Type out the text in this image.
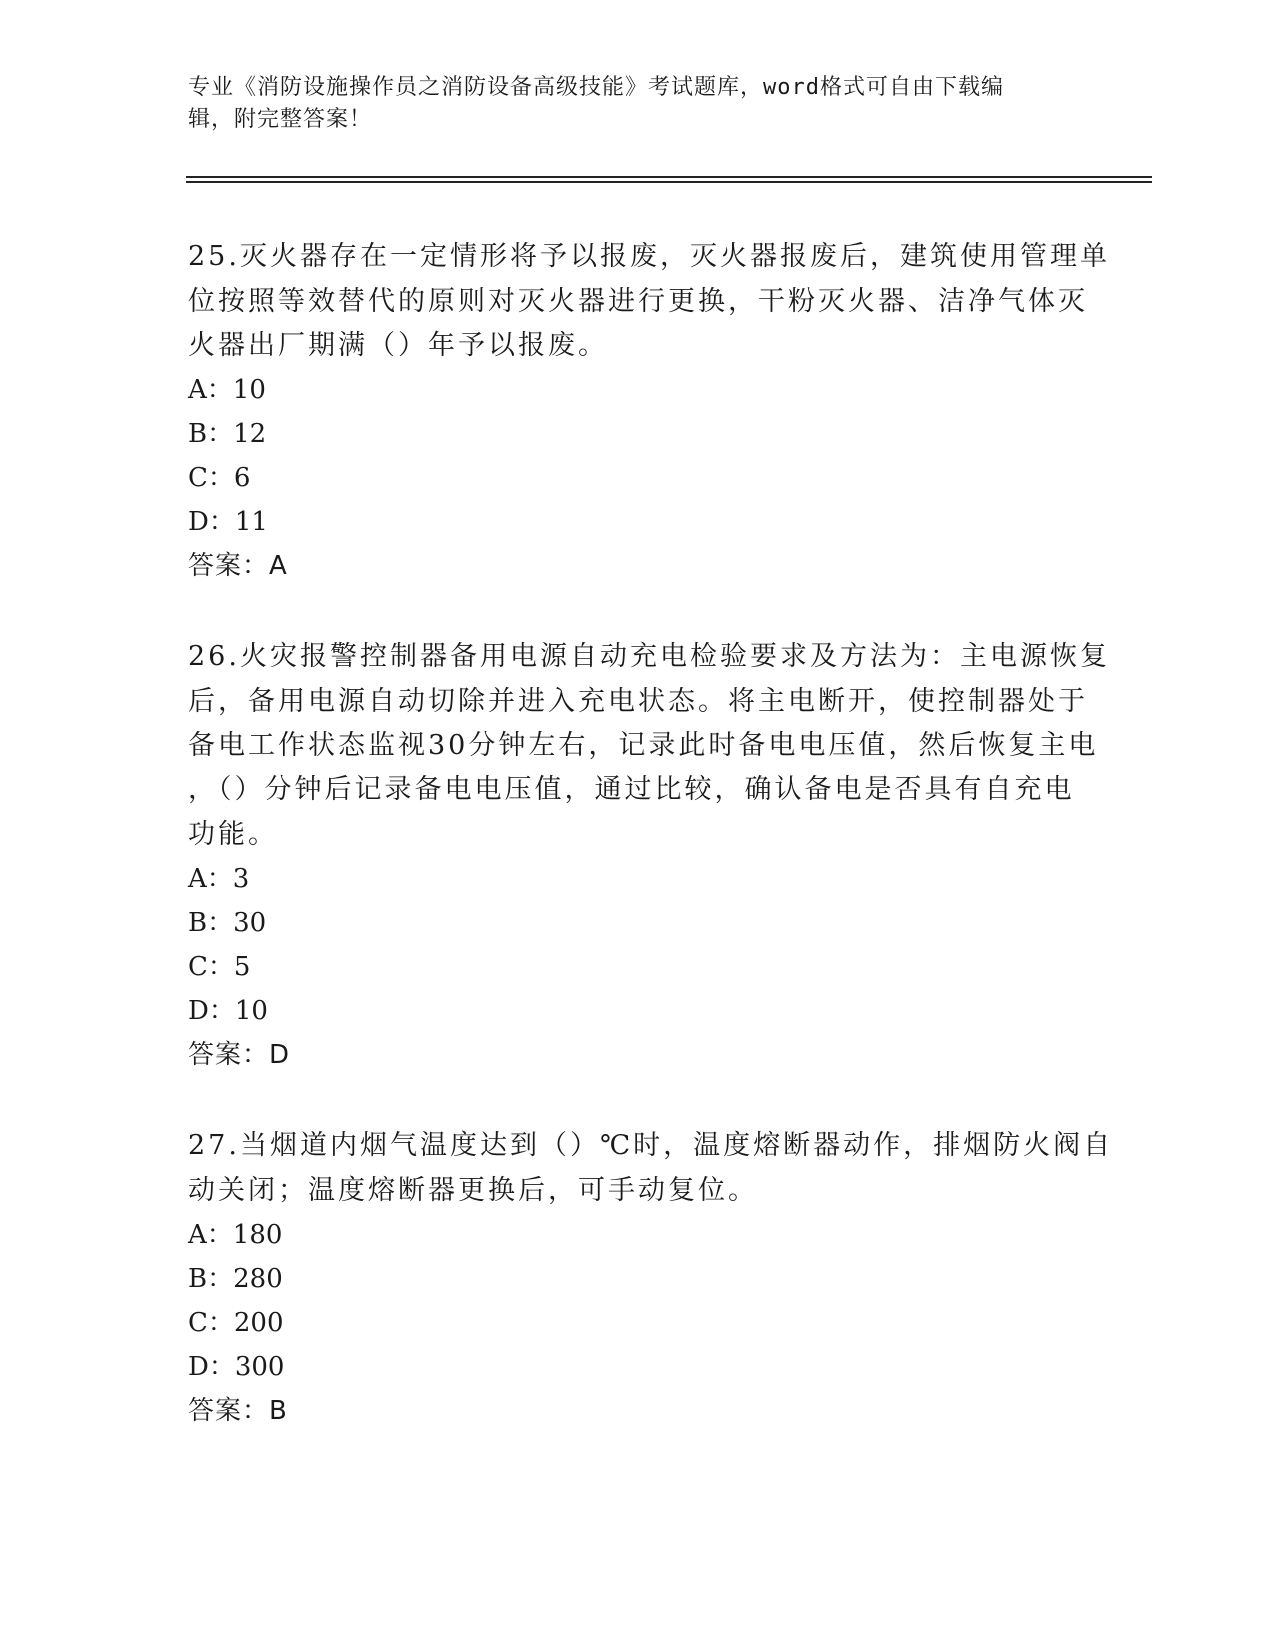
专业《消防设施操作员之消防设备高级技能》考试题库，word格式可自由下载编
辑，附完整答案！
25.灭火器存在一定情形将予以报废，灭火器报废后，建筑使用管理单
位按照等效替代的原则对灭火器进行更换，干粉灭火器、洁净气体灭
火器出厂期满（）年予以报废。
A：10
B：12
C：6
D：11
答案：A
26.火灾报警控制器备用电源自动充电检验要求及方法为：主电源恢复
后，备用电源自动切除并进入充电状态。将主电断开，使控制器处于
备电工作状态监视30分钟左右，记录此时备电电压值，然后恢复主电
，（）分钟后记录备电电压值，通过比较，确认备电是否具有自充电
功能。
A：3
B：30
C：5
D：10
答案：D
27.当烟道内烟气温度达到（）℃时，温度熔断器动作，排烟防火阀自
动关闭；温度熔断器更换后，可手动复位。
A：180
B：280
C：200
D：300
答案：B
